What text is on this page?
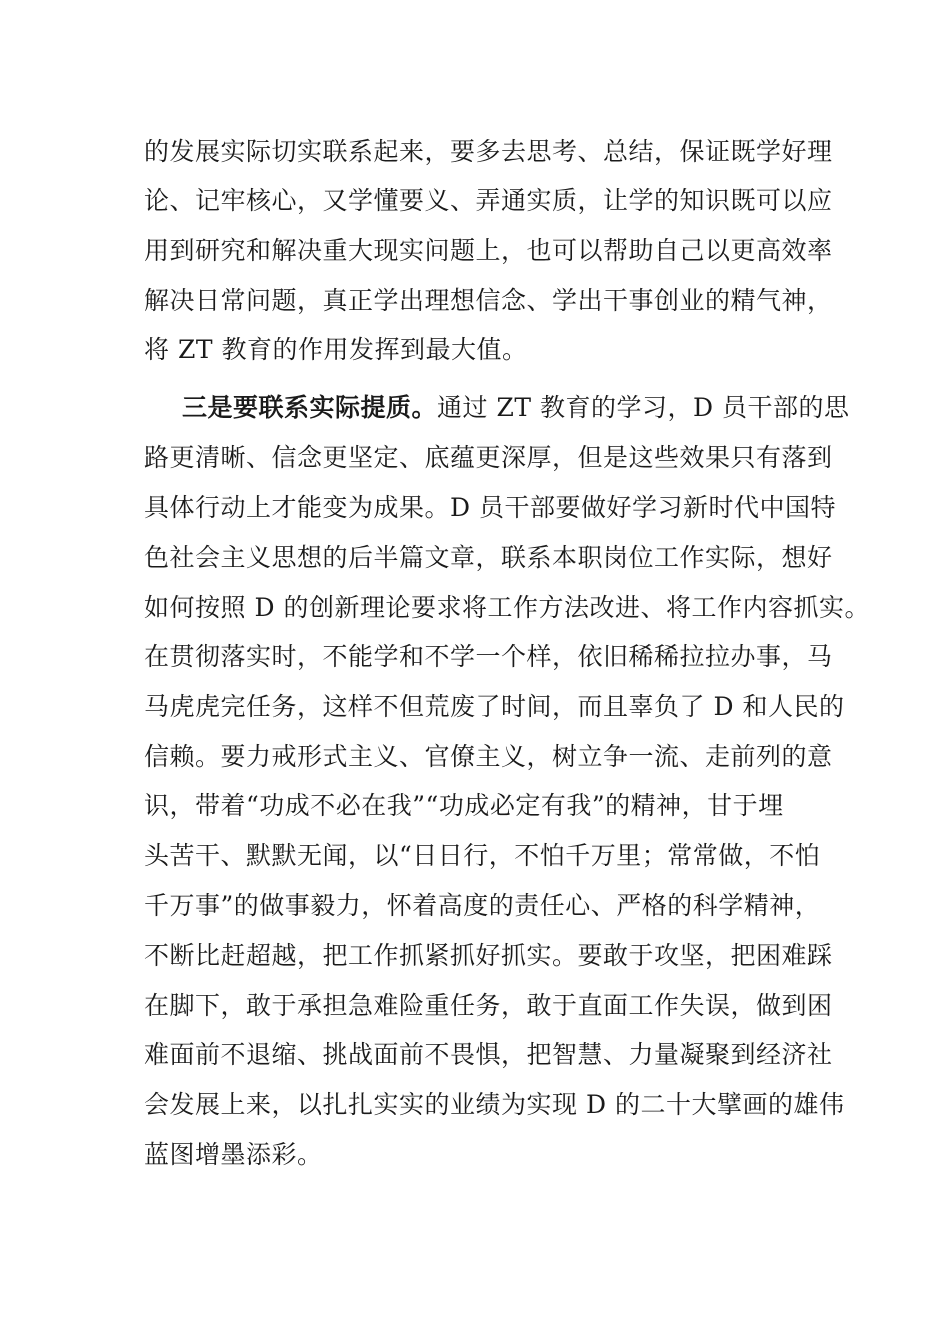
的发展实际切实联系起来，要多去思考、总结，保证既学好理
论、记牢核心，又学懂要义、弄通实质，让学的知识既可以应
用到研究和解决重大现实问题上，也可以帮助自己以更高效率
解决日常问题，真正学出理想信念、学出干事创业的精气神，
将 ZT 教育的作用发挥到最大值。
三是要联系实际提质。通过 ZT 教育的学习，D 员干部的思
路更清晰、信念更坚定、底蕴更深厚，但是这些效果只有落到
具体行动上才能变为成果。D 员干部要做好学习新时代中国特
色社会主义思想的后半篇文章，联系本职岗位工作实际，想好
如何按照 D 的创新理论要求将工作方法改进、将工作内容抓实。
在贯彻落实时，不能学和不学一个样，依旧稀稀拉拉办事，马
马虎虎完任务，这样不但荒废了时间，而且辜负了 D 和人民的
信赖。要力戒形式主义、官僚主义，树立争一流、走前列的意
识，带着“功成不必在我”“功成必定有我”的精神，甘于埋
头苦干、默默无闻，以“日日行，不怕千万里；常常做，不怕
千万事”的做事毅力，怀着高度的责任心、严格的科学精神，
不断比赶超越，把工作抓紧抓好抓实。要敢于攻坚，把困难踩
在脚下，敢于承担急难险重任务，敢于直面工作失误，做到困
难面前不退缩、挑战面前不畏惧，把智慧、力量凝聚到经济社
会发展上来，以扎扎实实的业绩为实现 D 的二十大擘画的雄伟
蓝图增墨添彩。
